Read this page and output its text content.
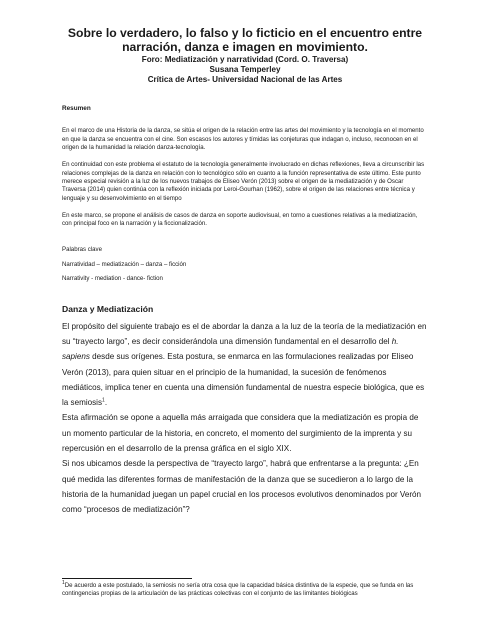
Sobre lo verdadero, lo falso y lo ficticio en el encuentro entre

narración, danza e imagen en movimiento.

Foro: Mediatización y narratividad (Cord. O. Traversa)

Susana Temperley

Crítica de Artes- Universidad Nacional de las Artes

Resumen

En el marco de una Historia de la danza, se sitúa el origen de la relación entre las artes del movimiento y la tecnología en el momento en que la danza se encuentra con el cine. Son escasos los autores y tímidas las conjeturas que indagan o, incluso, reconocen en el origen de la humanidad la relación danza-tecnología.

En continuidad con este problema el estatuto de la tecnología generalmente involucrado en dichas reflexiones, lleva a circunscribir las relaciones complejas de la danza en relación con lo tecnológico sólo en cuanto a la función representativa de este último. Este punto merece especial revisión a la luz de los nuevos trabajos de Eliseo Verón (2013) sobre el origen de la mediatización y de Oscar Traversa (2014) quien continúa con la reflexión iniciada por Leroi-Gourhan (1962), sobre el origen de las relaciones entre técnica y lenguaje y su desenvolvimiento en el tiempo

En este marco, se propone el análisis de casos de danza en soporte audiovisual, en torno a cuestiones relativas a la mediatización, con principal foco en la narración y la ficcionalización.

Palabras clave

Narratividad – mediatización – danza – ficción

Narrativity - mediation - dance- fiction

Danza y Mediatización

El propósito del siguiente trabajo es el de abordar la danza a la luz de la teoría de la mediatización en su “trayecto largo”, es decir considerándola una dimensión fundamental en el desarrollo del h. sapiens desde sus orígenes. Esta postura, se enmarca en las formulaciones realizadas por Eliseo Verón (2013), para quien situar en el principio de la humanidad, la sucesión de fenómenos mediáticos, implica tener en cuenta una dimensión fundamental de nuestra especie biológica, que es la semiosis$^1$.

Esta afirmación se opone a aquella más arraigada que considera que la mediatización es propia de un momento particular de la historia, en concreto, el momento del surgimiento de la imprenta y su repercusión en el desarrollo de la prensa gráfica en el siglo XIX.

Si nos ubicamos desde la perspectiva de “trayecto largo”, habrá que enfrentarse a la pregunta: ¿En qué medida las diferentes formas de manifestación de la danza que se sucedieron a lo largo de la historia de la humanidad juegan un papel crucial en los procesos evolutivos denominados por Verón como “procesos de mediatización”?

$^1$De acuerdo a este postulado, la semiosis no sería otra cosa que la capacidad básica distintiva de la especie, que se funda en las contingencias propias de la articulación de las prácticas colectivas con el conjunto de las limitantes biológicas
